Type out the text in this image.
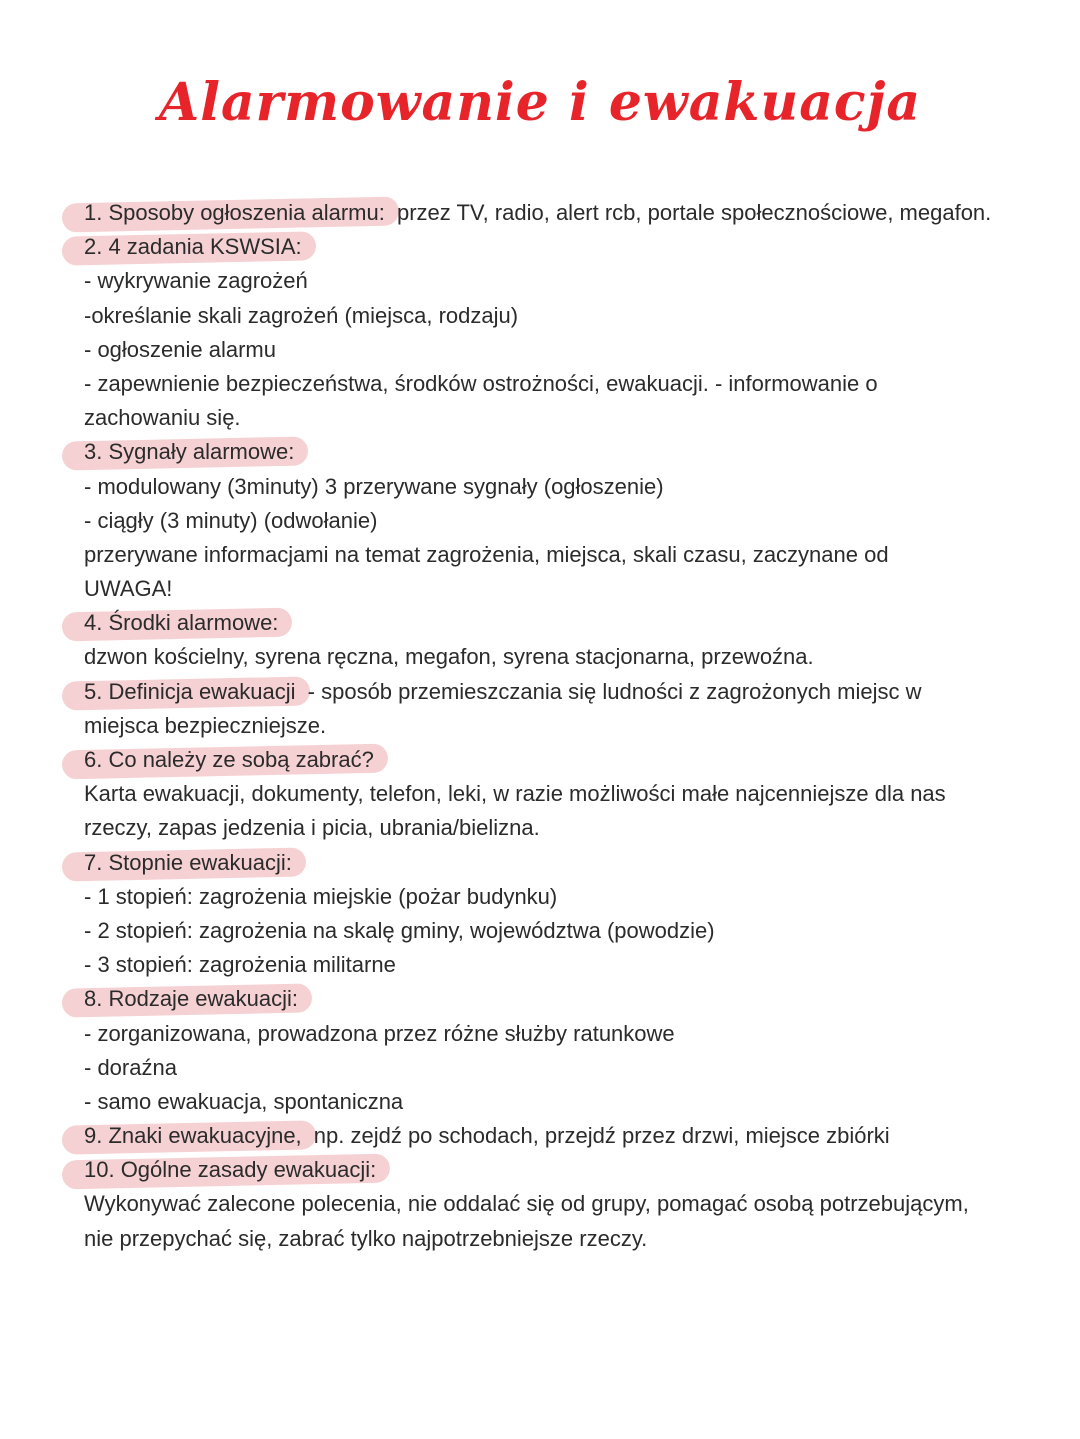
Alarmowanie i ewakuacja
1. Sposoby ogłoszenia alarmu: przez TV, radio, alert rcb, portale społecznościowe, megafon.
2. 4 zadania KSWSIA:
- wykrywanie zagrożeń
-określanie skali zagrożeń (miejsca, rodzaju)
- ogłoszenie alarmu
- zapewnienie bezpieczeństwa, środków ostrożności, ewakuacji. - informowanie o
zachowaniu się.
3. Sygnały alarmowe:
- modulowany (3minuty) 3 przerywane sygnały (ogłoszenie)
- ciągły (3 minuty) (odwołanie)
przerywane informacjami na temat zagrożenia, miejsca, skali czasu, zaczynane od
UWAGA!
4. Środki alarmowe:
dzwon kościelny, syrena ręczna, megafon, syrena stacjonarna, przewoźna.
5. Definicja ewakuacji - sposób przemieszczania się ludności z zagrożonych miejsc w
miejsca bezpieczniejsze.
6. Co należy ze sobą zabrać?
Karta ewakuacji, dokumenty, telefon, leki, w razie możliwości małe najcenniejsze dla nas
rzeczy, zapas jedzenia i picia, ubrania/bielizna.
7. Stopnie ewakuacji:
- 1 stopień: zagrożenia miejskie (pożar budynku)
- 2 stopień: zagrożenia na skalę gminy, województwa (powodzie)
- 3 stopień: zagrożenia militarne
8. Rodzaje ewakuacji:
- zorganizowana, prowadzona przez różne służby ratunkowe
- doraźna
- samo ewakuacja, spontaniczna
9. Znaki ewakuacyjne, np. zejdź po schodach, przejdź przez drzwi, miejsce zbiórki
10. Ogólne zasady ewakuacji:
Wykonywać zalecone polecenia, nie oddalać się od grupy, pomagać osobą potrzebującym,
nie przepychać się, zabrać tylko najpotrzebniejsze rzeczy.
